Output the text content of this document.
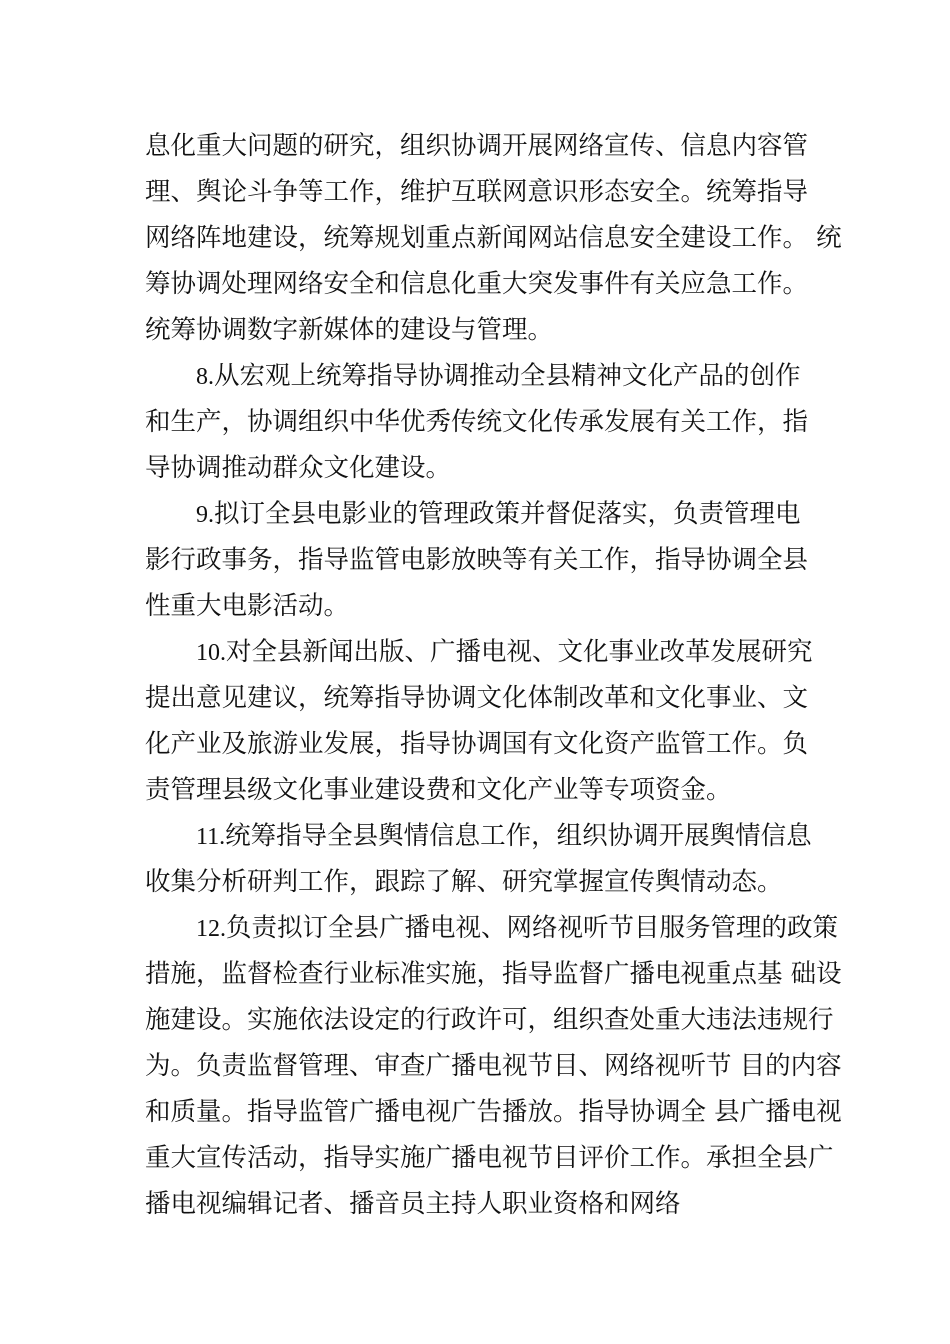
息化重大问题的研究，组织协调开展网络宣传、信息内容管
理、舆论斗争等工作，维护互联网意识形态安全。统筹指导
网络阵地建设，统筹规划重点新闻网站信息安全建设工作。 统
筹协调处理网络安全和信息化重大突发事件有关应急工作。
统筹协调数字新媒体的建设与管理。
8.从宏观上统筹指导协调推动全县精神文化产品的创作
和生产，协调组织中华优秀传统文化传承发展有关工作，指
导协调推动群众文化建设。
9.拟订全县电影业的管理政策并督促落实，负责管理电
影行政事务，指导监管电影放映等有关工作，指导协调全县
性重大电影活动。
10.对全县新闻出版、广播电视、文化事业改革发展研究
提出意见建议，统筹指导协调文化体制改革和文化事业、文
化产业及旅游业发展，指导协调国有文化资产监管工作。负
责管理县级文化事业建设费和文化产业等专项资金。
11.统筹指导全县舆情信息工作，组织协调开展舆情信息
收集分析研判工作，跟踪了解、研究掌握宣传舆情动态。
12.负责拟订全县广播电视、网络视听节目服务管理的政策
措施，监督检查行业标准实施，指导监督广播电视重点基 础设
施建设。实施依法设定的行政许可，组织查处重大违法违规行
为。负责监督管理、审查广播电视节目、网络视听节 目的内容
和质量。指导监管广播电视广告播放。指导协调全 县广播电视
重大宣传活动，指导实施广播电视节目评价工作。承担全县广
播电视编辑记者、播音员主持人职业资格和网络
